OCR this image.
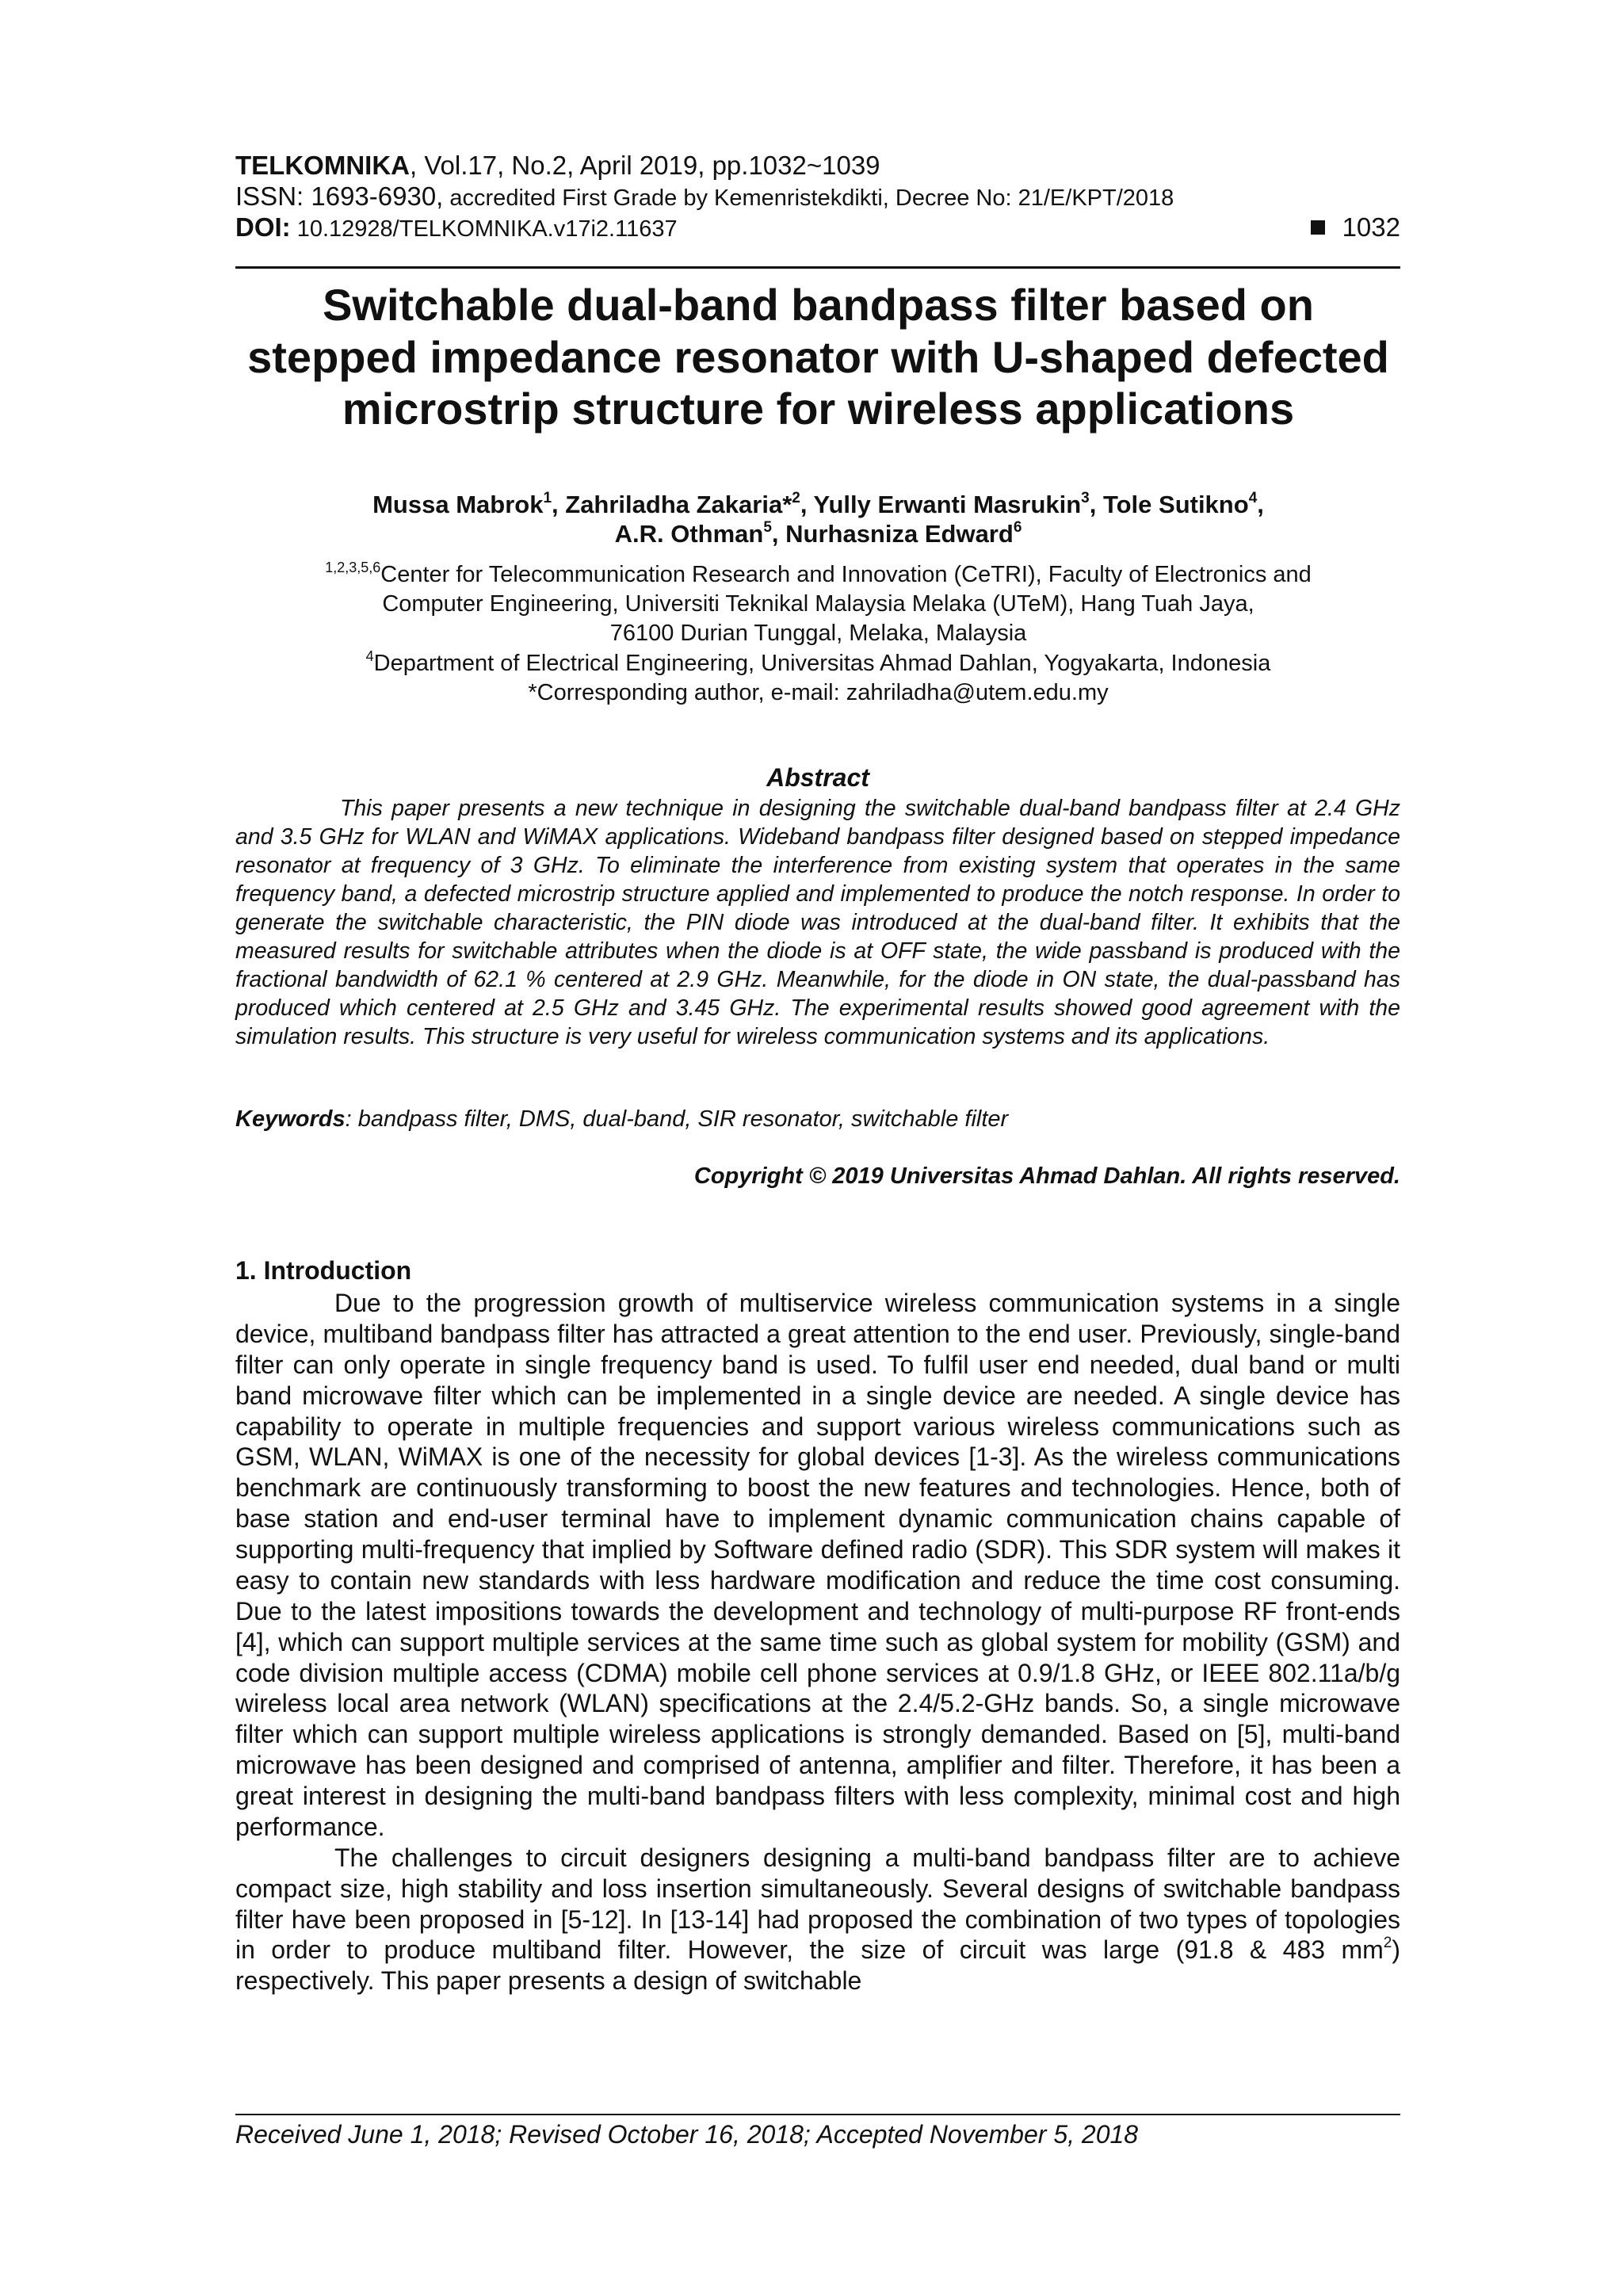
TELKOMNIKA, Vol.17, No.2, April 2019, pp.1032~1039
ISSN: 1693-6930, accredited First Grade by Kemenristekdikti, Decree No: 21/E/KPT/2018
DOI: 10.12928/TELKOMNIKA.v17i2.11637	1032
Switchable dual-band bandpass filter based on
stepped impedance resonator with U-shaped defected
microstrip structure for wireless applications
Mussa Mabrok$^1$, Zahriladha Zakaria*$^2$, Yully Erwanti Masrukin$^3$, Tole Sutikno$^4$,
A.R. Othman$^5$, Nurhasniza Edward$^6$
$^{1,2,3,5,6}$Center for Telecommunication Research and Innovation (CeTRI), Faculty of Electronics and
Computer Engineering, Universiti Teknikal Malaysia Melaka (UTeM), Hang Tuah Jaya,
76100 Durian Tunggal, Melaka, Malaysia
$^4$Department of Electrical Engineering, Universitas Ahmad Dahlan, Yogyakarta, Indonesia
*Corresponding author, e-mail: zahriladha@utem.edu.my
Abstract

This paper presents a new technique in designing the switchable dual-band bandpass filter at 2.4 GHz and 3.5 GHz for WLAN and WiMAX applications. Wideband bandpass filter designed based on stepped impedance resonator at frequency of 3 GHz. To eliminate the interference from existing system that operates in the same frequency band, a defected microstrip structure applied and implemented to produce the notch response. In order to generate the switchable characteristic, the PIN diode was introduced at the dual-band filter. It exhibits that the measured results for switchable attributes when the diode is at OFF state, the wide passband is produced with the fractional bandwidth of 62.1 % centered at 2.9 GHz. Meanwhile, for the diode in ON state, the dual-passband has produced which centered at 2.5 GHz and 3.45 GHz. The experimental results showed good agreement with the simulation results. This structure is very useful for wireless communication systems and its applications.

Keywords: bandpass filter, DMS, dual-band, SIR resonator, switchable filter
Copyright © 2019 Universitas Ahmad Dahlan. All rights reserved.
1. Introduction

Due to the progression growth of multiservice wireless communication systems in a single device, multiband bandpass filter has attracted a great attention to the end user. Previously, single-band filter can only operate in single frequency band is used. To fulfil user end needed, dual band or multi band microwave filter which can be implemented in a single device are needed. A single device has capability to operate in multiple frequencies and support various wireless communications such as GSM, WLAN, WiMAX is one of the necessity for global devices [1-3]. As the wireless communications benchmark are continuously transforming to boost the new features and technologies. Hence, both of base station and end-user terminal have to implement dynamic communication chains capable of supporting multi-frequency that implied by Software defined radio (SDR). This SDR system will makes it easy to contain new standards with less hardware modification and reduce the time cost consuming. Due to the latest impositions towards the development and technology of multi-purpose RF front-ends [4], which can support multiple services at the same time such as global system for mobility (GSM) and code division multiple access (CDMA) mobile cell phone services at 0.9/1.8 GHz, or IEEE 802.11a/b/g wireless local area network (WLAN) specifications at the 2.4/5.2-GHz bands. So, a single microwave filter which can support multiple wireless applications is strongly demanded. Based on [5], multi-band microwave has been designed and comprised of antenna, amplifier and filter. Therefore, it has been a great interest in designing the multi-band bandpass filters with less complexity, minimal cost and high performance.

The challenges to circuit designers designing a multi-band bandpass filter are to achieve compact size, high stability and loss insertion simultaneously. Several designs of switchable bandpass filter have been proposed in [5-12]. In [13-14] had proposed the combination of two types of topologies in order to produce multiband filter. However, the size of circuit was large (91.8 & 483 $mm^2$) respectively. This paper presents a design of switchable

Received June 1, 2018; Revised October 16, 2018; Accepted November 5, 2018
